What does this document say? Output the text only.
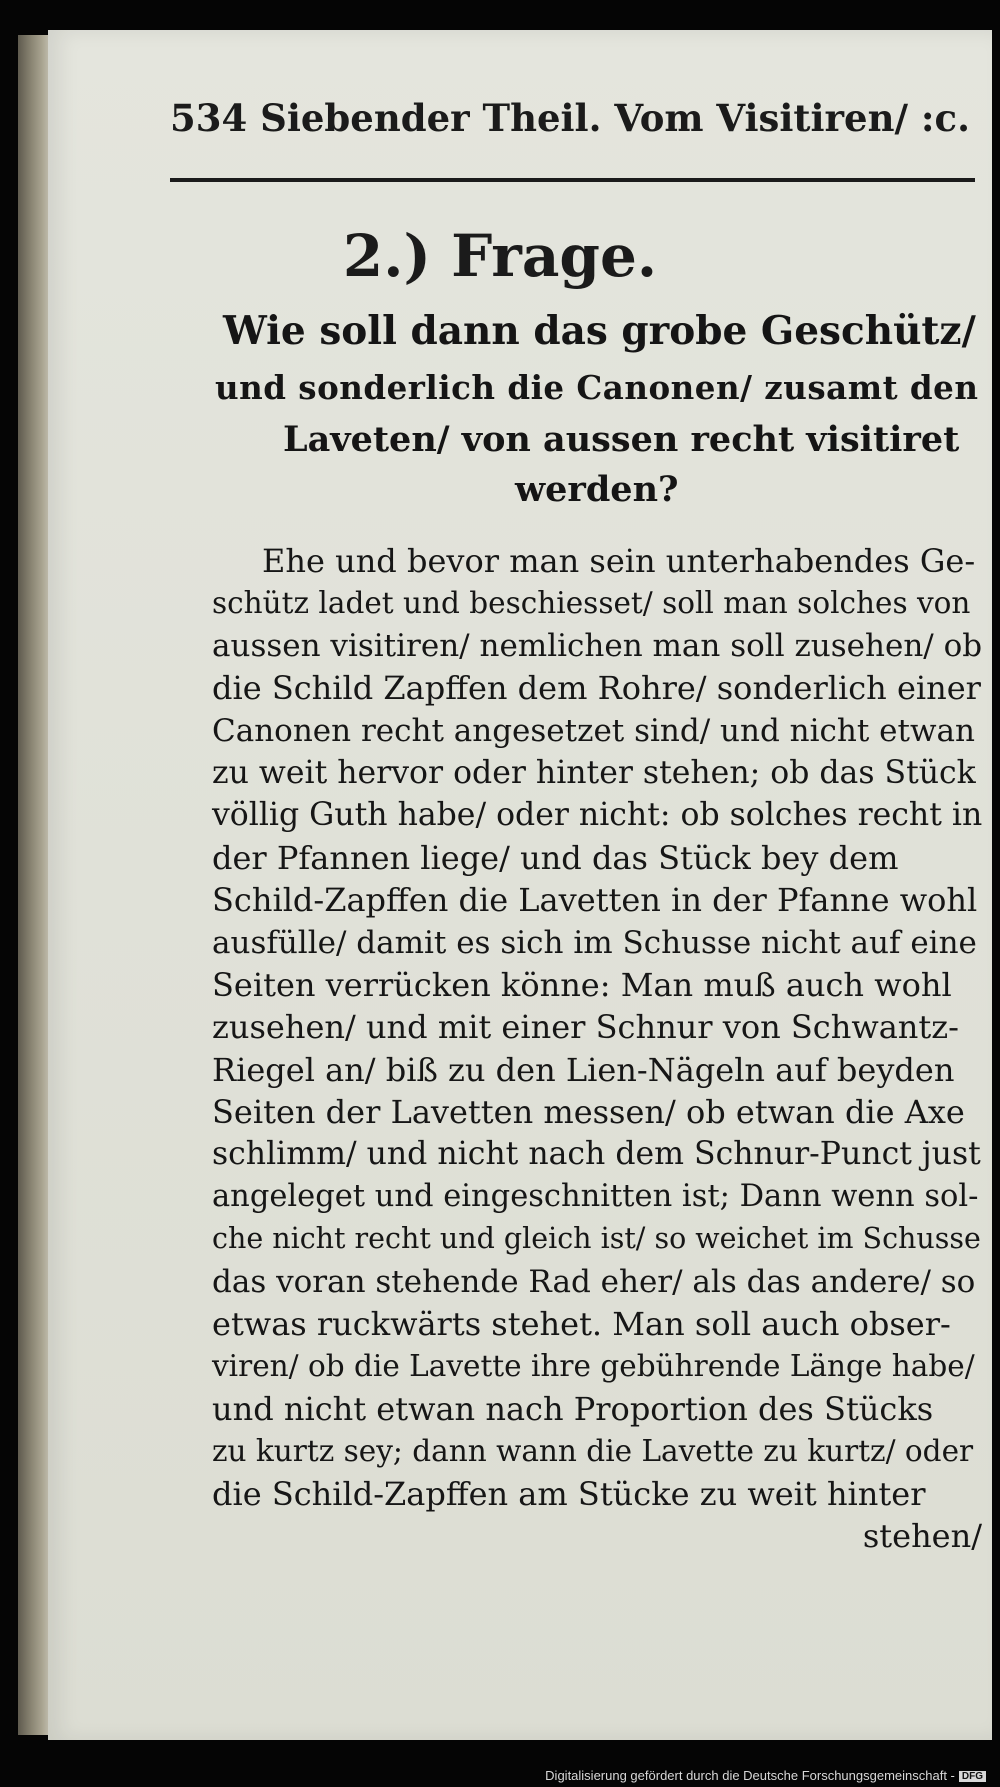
534 Siebender Theil. Vom Visitiren/ :c.
2.) Frage.
Wie soll dann das grobe Geschütz/
und sonderlich die Canonen/ zusamt den
Laveten/ von aussen recht visitiret
werden?
Ehe und bevor man sein unterhabendes Ge-
schütz ladet und beschiesset/ soll man solches von
aussen visitiren/ nemlichen man soll zusehen/ ob
die Schild Zapffen dem Rohre/ sonderlich einer
Canonen recht angesetzet sind/ und nicht etwan
zu weit hervor oder hinter stehen; ob das Stück
völlig Guth habe/ oder nicht: ob solches recht in
der Pfannen liege/ und das Stück bey dem
Schild-Zapffen die Lavetten in der Pfanne wohl
ausfülle/ damit es sich im Schusse nicht auf eine
Seiten verrücken könne: Man muß auch wohl
zusehen/ und mit einer Schnur von Schwantz-
Riegel an/ biß zu den Lien-Nägeln auf beyden
Seiten der Lavetten messen/ ob etwan die Axe
schlimm/ und nicht nach dem Schnur-Punct just
angeleget und eingeschnitten ist; Dann wenn sol-
che nicht recht und gleich ist/ so weichet im Schusse
das voran stehende Rad eher/ als das andere/ so
etwas ruckwärts stehet. Man soll auch obser-
viren/ ob die Lavette ihre gebührende Länge habe/
und nicht etwan nach Proportion des Stücks
zu kurtz sey; dann wann die Lavette zu kurtz/ oder
die Schild-Zapffen am Stücke zu weit hinter
stehen/
Digitalisierung gefördert durch die Deutsche Forschungsgemeinschaft - DFG
